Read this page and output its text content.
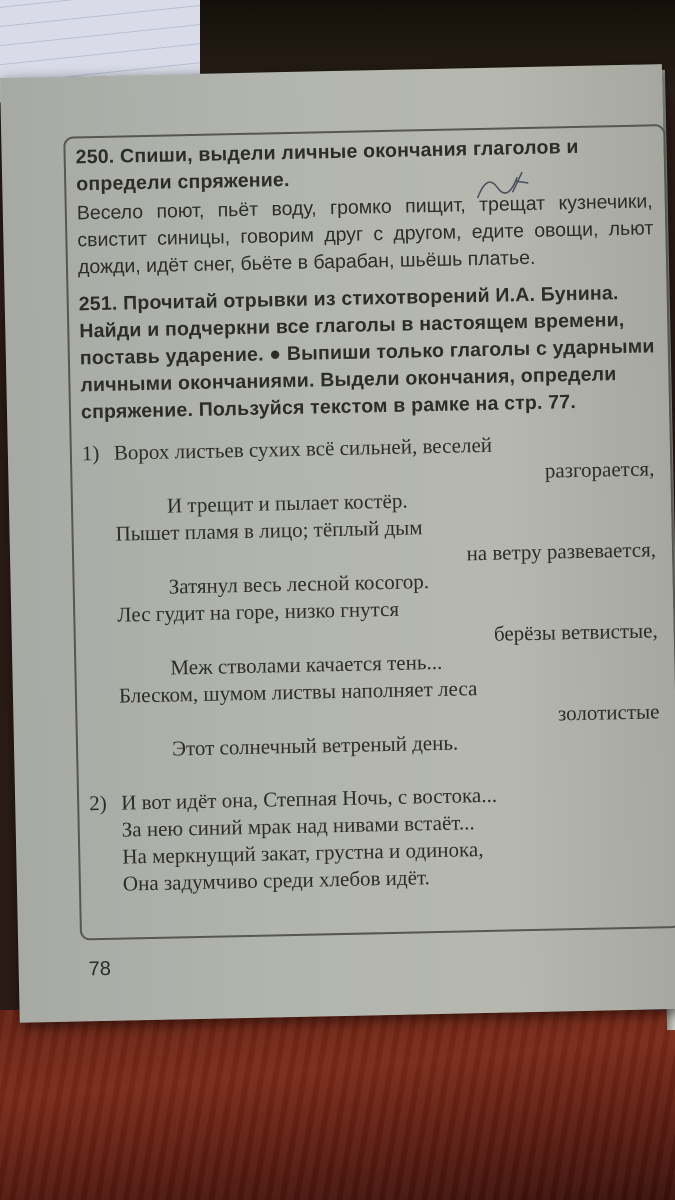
250. Спиши, выдели личные окончания глаголов и определи спряжение.

Весело поют, пьёт воду, громко пищит, трещат кузнечики, свистит синицы, говорим друг с другом, едите овощи, льют дожди, идёт снег, бьёте в барабан, шьёшь платье.

251. Прочитай отрывки из стихотворений И.А. Бунина. Найди и подчеркни все глаголы в настоящем времени, поставь ударение. ● Выпиши только глаголы с ударными личными окончаниями. Выдели окончания, определи спряжение. Пользуйся текстом в рамке на стр. 77.

1) Ворох листьев сухих всё сильней, веселей
разгорается,
И трещит и пылает костёр.
Пышет пламя в лицо; тёплый дым
на ветру развевается,
Затянул весь лесной косогор.
Лес гудит на горе, низко гнутся
берёзы ветвистые,
Меж стволами качается тень...
Блеском, шумом листвы наполняет леса
золотистые
Этот солнечный ветреный день.
2) И вот идёт она, Степная Ночь, с востока...
За нею синий мрак над нивами встаёт...
На меркнущий закат, грустна и одинока,
Она задумчиво среди хлебов идёт.
78
